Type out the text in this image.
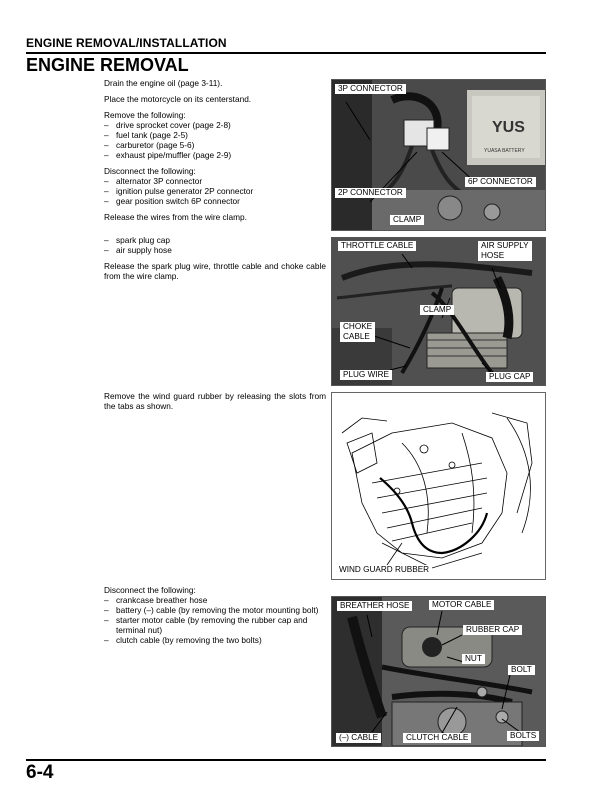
ENGINE REMOVAL/INSTALLATION
ENGINE REMOVAL

Drain the engine oil (page 3-11).

Place the motorcycle on its centerstand.

Remove the following:

– drive sprocket cover (page 2-8)
– fuel tank (page 2-5)
– carburetor (page 5-6)
– exhaust pipe/muffler (page 2-9)

Disconnect the following:

– alternator 3P connector
– ignition pulse generator 2P connector
– gear position switch 6P connector

Release the wires from the wire clamp.

– spark plug cap
– air supply hose

Release the spark plug wire, throttle cable and choke cable from the wire clamp.

Remove the wind guard rubber by releasing the slots from the tabs as shown.

Disconnect the following:

– crankcase breather hose
– battery (–) cable (by removing the motor mounting bolt)
– starter motor cable (by removing the rubber cap and terminal nut)
– clutch cable (by removing the two bolts)
YUS
YUASA BATTERY
3P CONNECTOR
2P CONNECTOR
6P CONNECTOR
CLAMP
THROTTLE CABLE	AIR SUPPLY
HOSE
CLAMP
CHOKE
CABLE
PLUG WIRE	PLUG CAP
WIND GUARD RUBBER
BREATHER HOSE	MOTOR CABLE
RUBBER CAP
NUT
BOLT
(–) CABLE	CLUTCH CABLE	BOLTS
6-4
